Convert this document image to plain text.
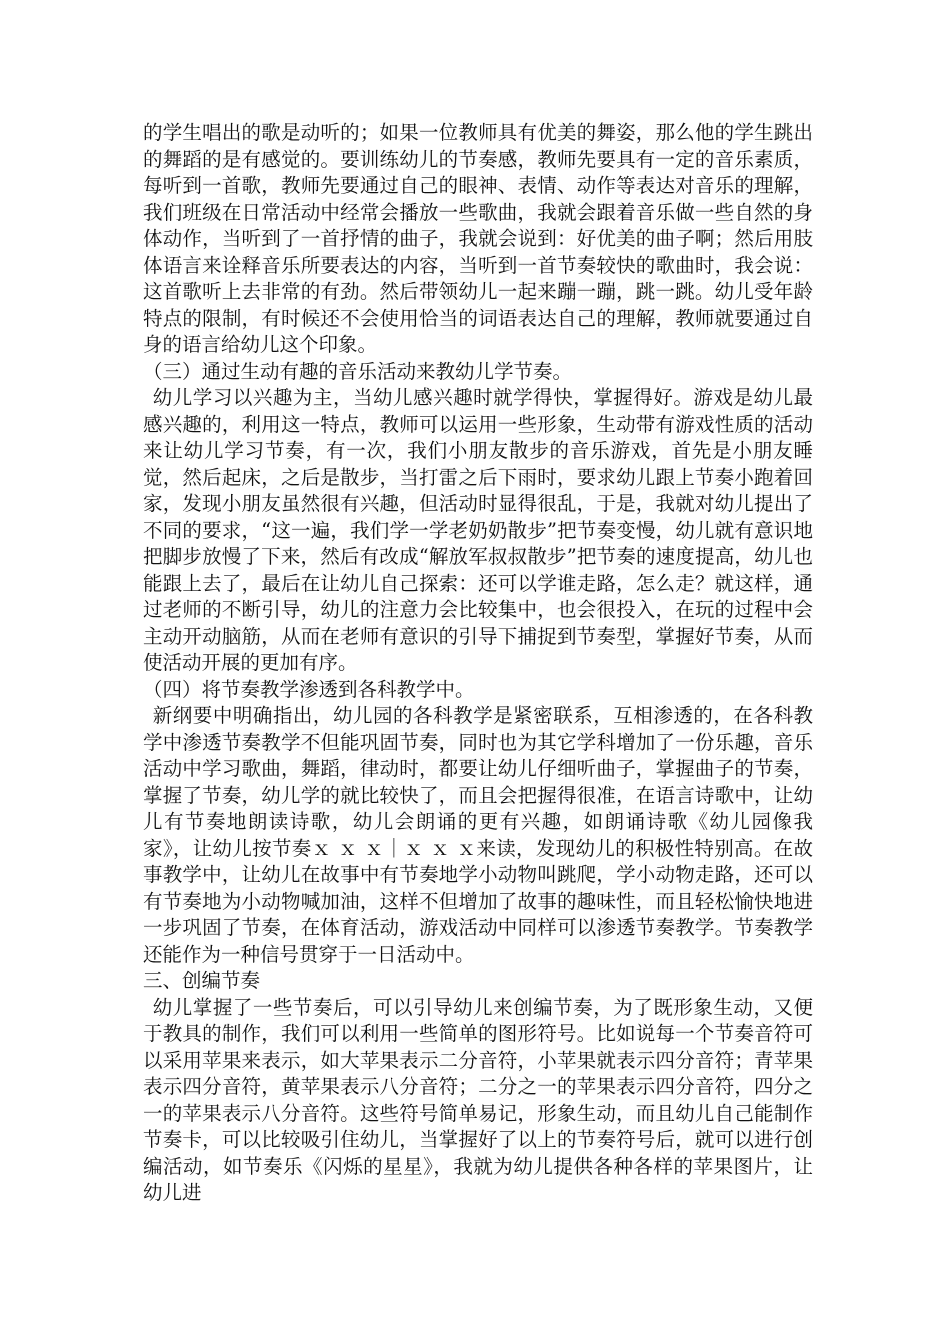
的学生唱出的歌是动听的；如果一位教师具有优美的舞姿，那么他的学生跳出的舞蹈的是有感觉的。要训练幼儿的节奏感，教师先要具有一定的音乐素质，每听到一首歌，教师先要通过自己的眼神、表情、动作等表达对音乐的理解，我们班级在日常活动中经常会播放一些歌曲，我就会跟着音乐做一些自然的身体动作，当听到了一首抒情的曲子，我就会说到：好优美的曲子啊；然后用肢体语言来诠释音乐所要表达的内容，当听到一首节奏较快的歌曲时，我会说：这首歌听上去非常的有劲。然后带领幼儿一起来蹦一蹦，跳一跳。幼儿受年龄特点的限制，有时候还不会使用恰当的词语表达自己的理解，教师就要通过自身的语言给幼儿这个印象。

（三）通过生动有趣的音乐活动来教幼儿学节奏。

幼儿学习以兴趣为主，当幼儿感兴趣时就学得快，掌握得好。游戏是幼儿最感兴趣的，利用这一特点，教师可以运用一些形象，生动带有游戏性质的活动来让幼儿学习节奏，有一次，我们小朋友散步的音乐游戏，首先是小朋友睡觉，然后起床，之后是散步，当打雷之后下雨时，要求幼儿跟上节奏小跑着回家，发现小朋友虽然很有兴趣，但活动时显得很乱，于是，我就对幼儿提出了不同的要求，“这一遍，我们学一学老奶奶散步”把节奏变慢，幼儿就有意识地把脚步放慢了下来，然后有改成“解放军叔叔散步”把节奏的速度提高，幼儿也能跟上去了，最后在让幼儿自己探索：还可以学谁走路，怎么走？就这样，通过老师的不断引导，幼儿的注意力会比较集中，也会很投入，在玩的过程中会主动开动脑筋，从而在老师有意识的引导下捕捉到节奏型，掌握好节奏，从而使活动开展的更加有序。

（四）将节奏教学渗透到各科教学中。

新纲要中明确指出，幼儿园的各科教学是紧密联系，互相渗透的，在各科教学中渗透节奏教学不但能巩固节奏，同时也为其它学科增加了一份乐趣，音乐活动中学习歌曲，舞蹈，律动时，都要让幼儿仔细听曲子，掌握曲子的节奏，掌握了节奏，幼儿学的就比较快了，而且会把握得很准，在语言诗歌中，让幼儿有节奏地朗读诗歌，幼儿会朗诵的更有兴趣，如朗诵诗歌《幼儿园像我家》，让幼儿按节奏ｘ ｘ ｘ｜ｘ ｘ ｘ来读，发现幼儿的积极性特别高。在故事教学中，让幼儿在故事中有节奏地学小动物叫跳爬，学小动物走路，还可以有节奏地为小动物喊加油，这样不但增加了故事的趣味性，而且轻松愉快地进一步巩固了节奏，在体育活动，游戏活动中同样可以渗透节奏教学。节奏教学还能作为一种信号贯穿于一日活动中。

三、创编节奏

幼儿掌握了一些节奏后，可以引导幼儿来创编节奏，为了既形象生动，又便于教具的制作，我们可以利用一些简单的图形符号。比如说每一个节奏音符可以采用苹果来表示，如大苹果表示二分音符，小苹果就表示四分音符；青苹果表示四分音符，黄苹果表示八分音符；二分之一的苹果表示四分音符，四分之一的苹果表示八分音符。这些符号简单易记，形象生动，而且幼儿自己能制作节奏卡，可以比较吸引住幼儿，当掌握好了以上的节奏符号后，就可以进行创编活动，如节奏乐《闪烁的星星》，我就为幼儿提供各种各样的苹果图片，让幼儿进
